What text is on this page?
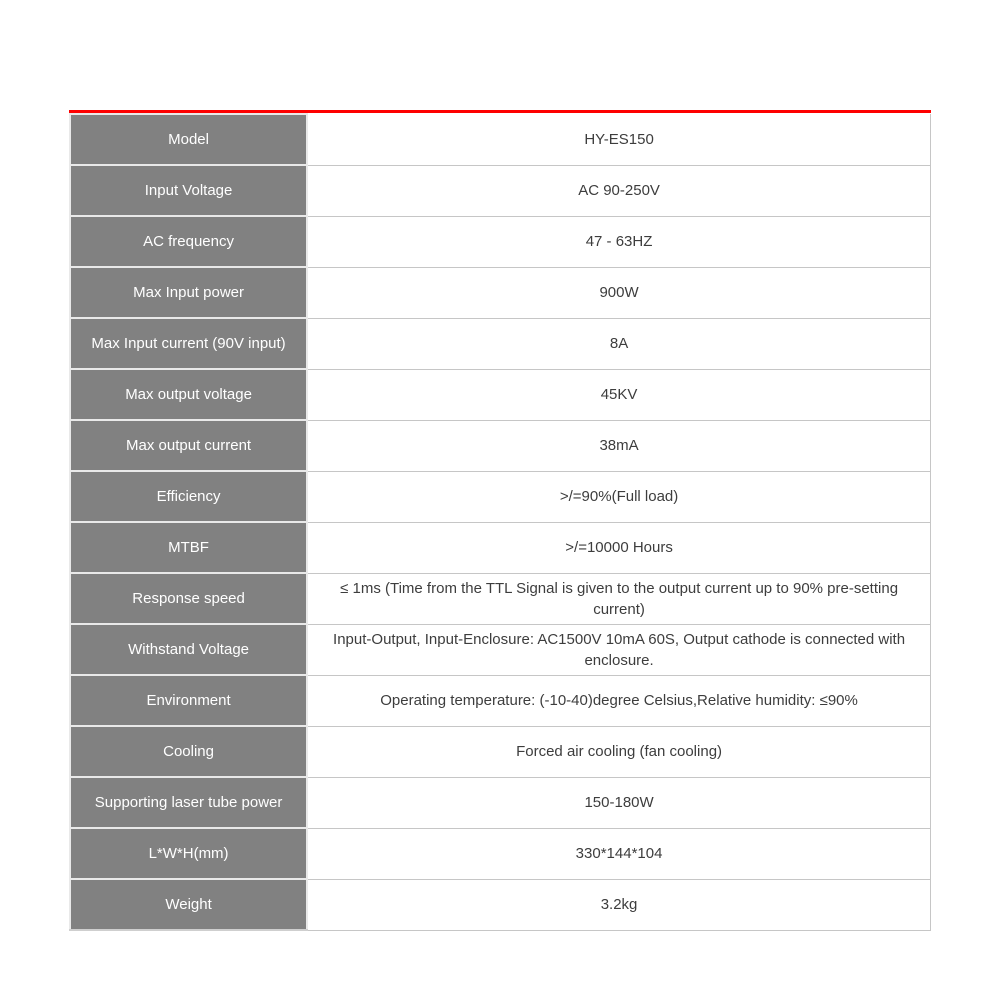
Model	HY-ES150
Input Voltage	AC 90-250V
AC frequency	47 - 63HZ
Max Input power	900W
Max Input current (90V input)	8A
Max output voltage	45KV
Max output current	38mA
Efficiency	>/=90%(Full load)
MTBF	>/=10000 Hours
Response speed	≤ 1ms (Time from the TTL Signal is given to the output current up to 90% pre-setting current)
Withstand Voltage	Input-Output, Input-Enclosure: AC1500V 10mA 60S, Output cathode is connected with enclosure.
Environment	Operating temperature: (-10-40)degree Celsius,Relative humidity: ≤90%
Cooling	Forced air cooling (fan cooling)
Supporting laser tube power	150-180W
L*W*H(mm)	330*144*104
Weight	3.2kg
